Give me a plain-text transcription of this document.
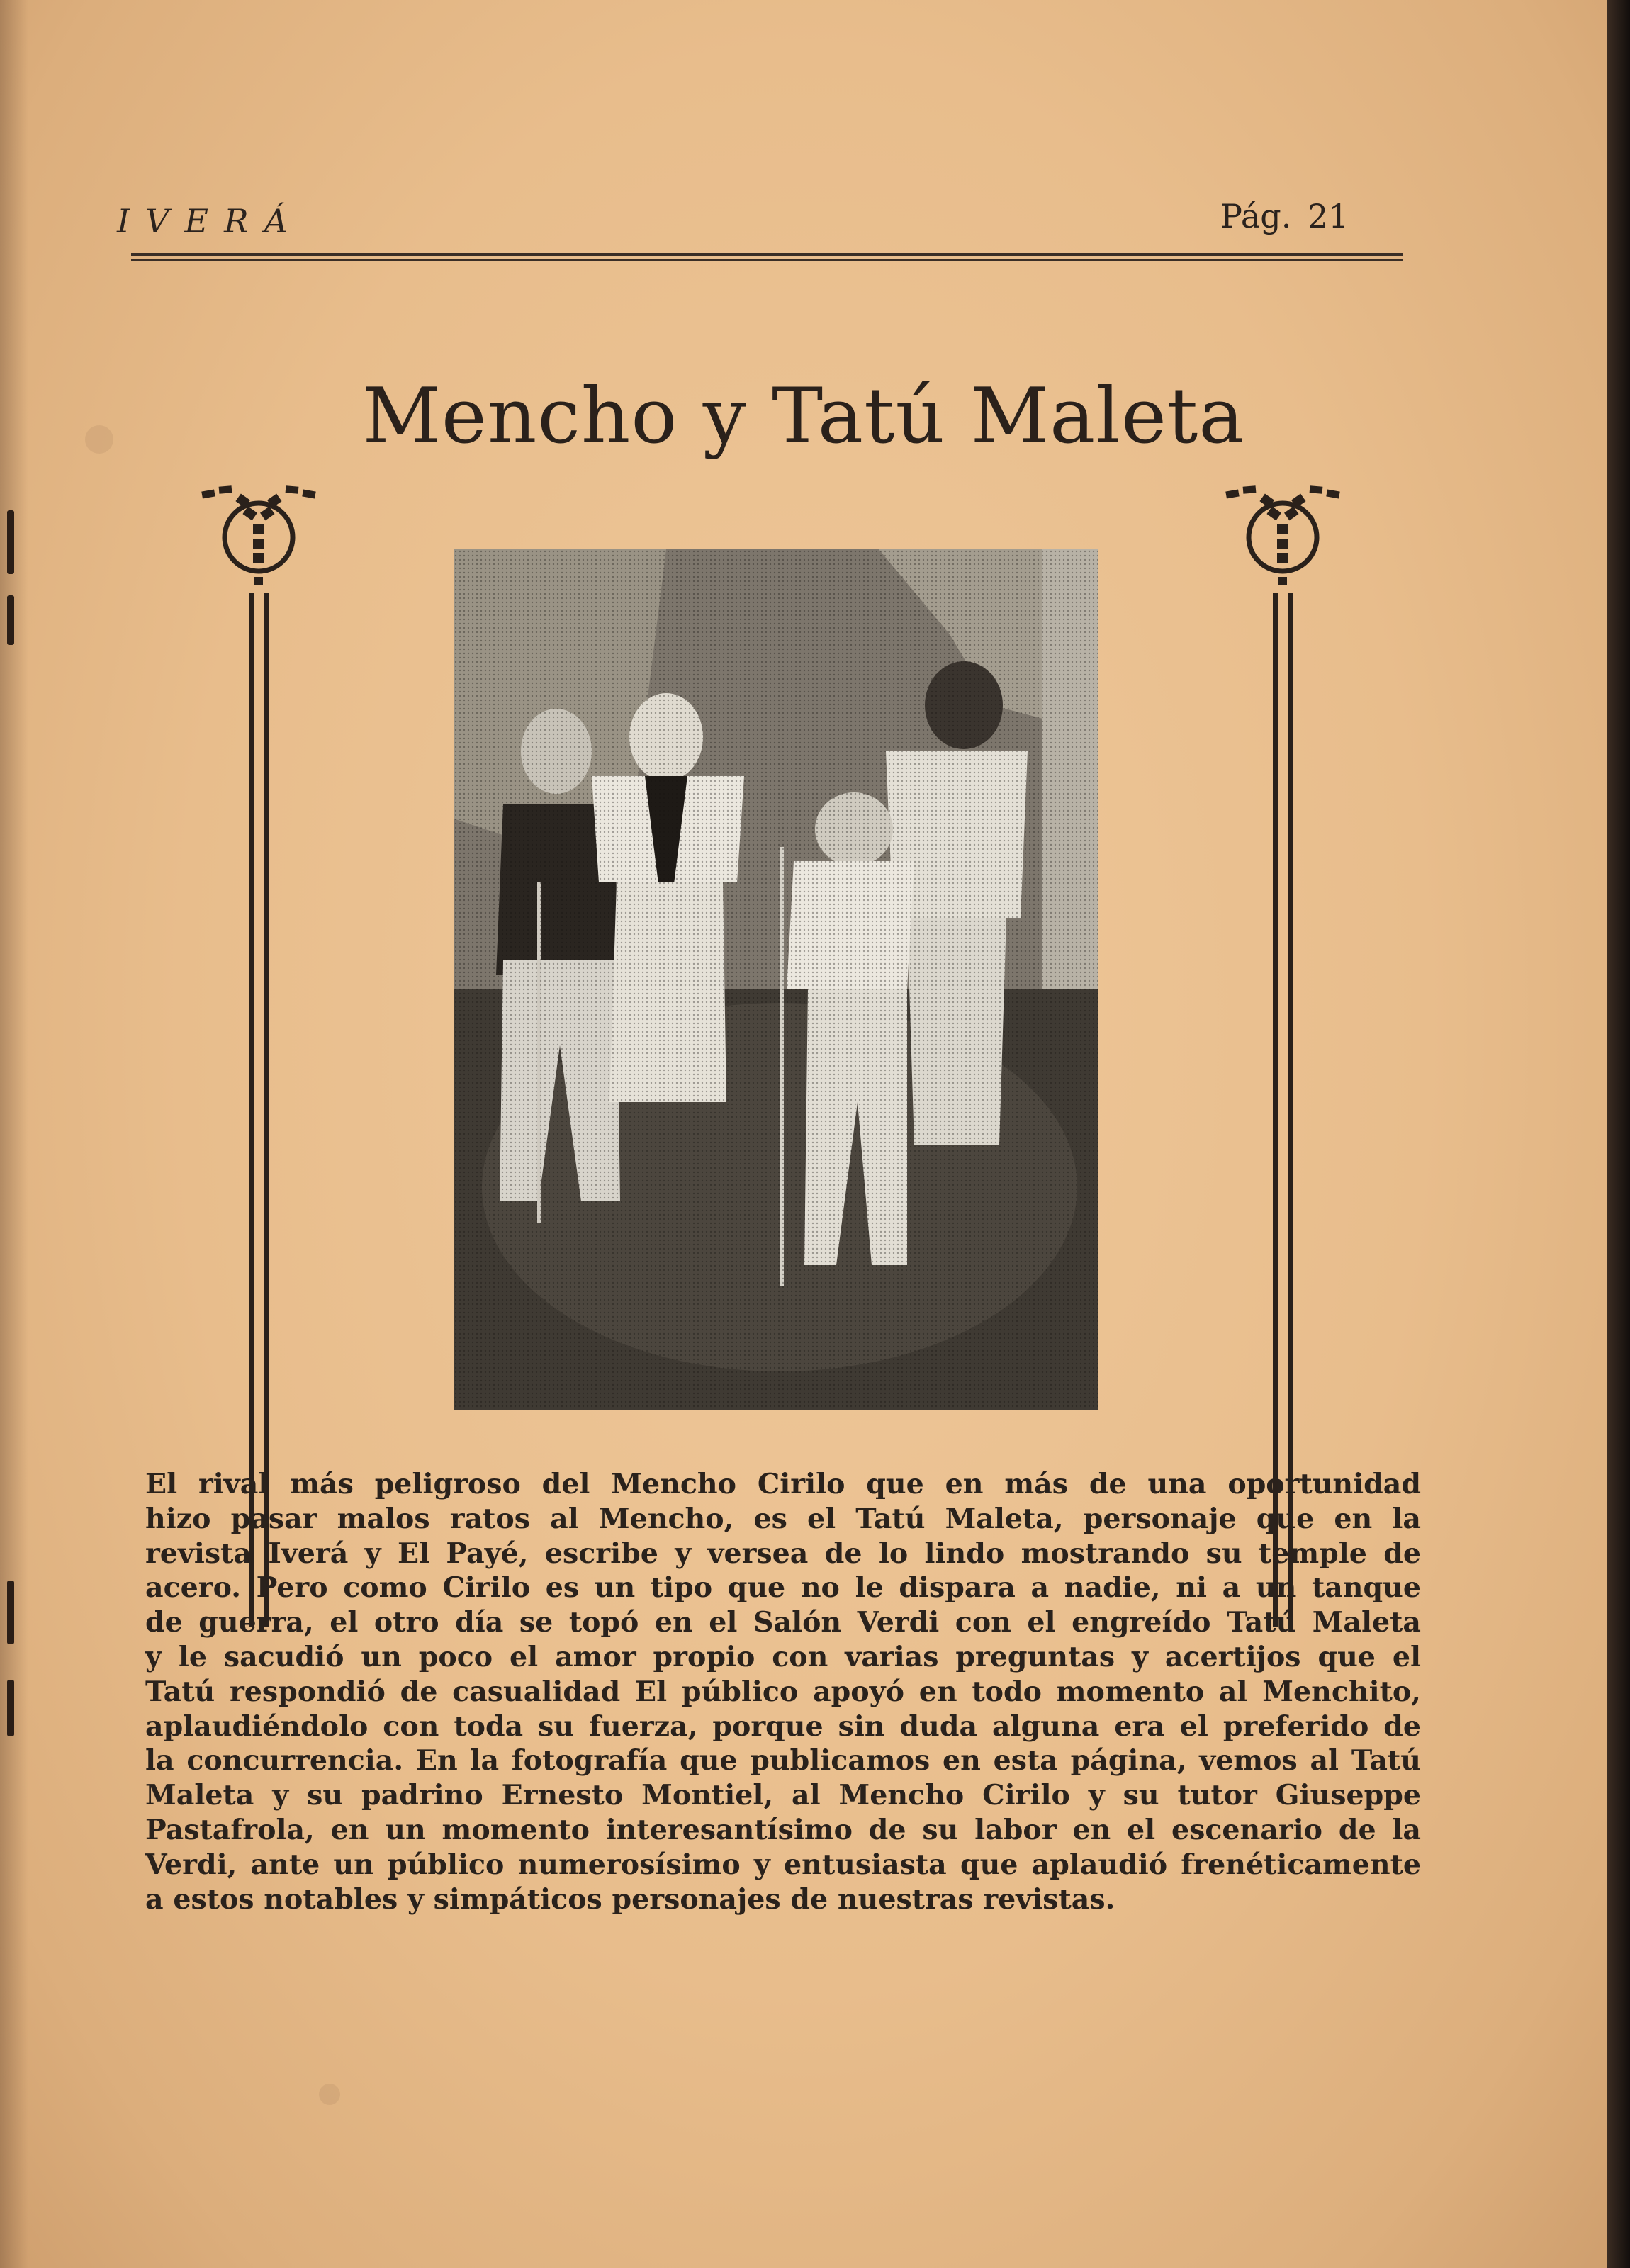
IVERÁ	Pág. 21
Mencho y Tatú Maleta
El rival más peligroso del Mencho Cirilo que en más de una oportunidad
hizo pasar malos ratos al Mencho, es el Tatú Maleta, personaje que en la
revista Iverá y El Payé, escribe y versea de lo lindo mostrando su temple de
acero. Pero como Cirilo es un tipo que no le dispara a nadie, ni a un tanque
de guerra, el otro día se topó en el Salón Verdi con el engreído Tatú Maleta
y le sacudió un poco el amor propio con varias preguntas y acertijos que el
Tatú respondió de casualidad El público apoyó en todo momento al Menchito,
aplaudiéndolo con toda su fuerza, porque sin duda alguna era el preferido de
la concurrencia. En la fotografía que publicamos en esta página, vemos al Tatú
Maleta y su padrino Ernesto Montiel, al Mencho Cirilo y su tutor Giuseppe
Pastafrola, en un momento interesantísimo de su labor en el escenario de la
Verdi, ante un público numerosísimo y entusiasta que aplaudió frenéticamente
a estos notables y simpáticos personajes de nuestras revistas.
